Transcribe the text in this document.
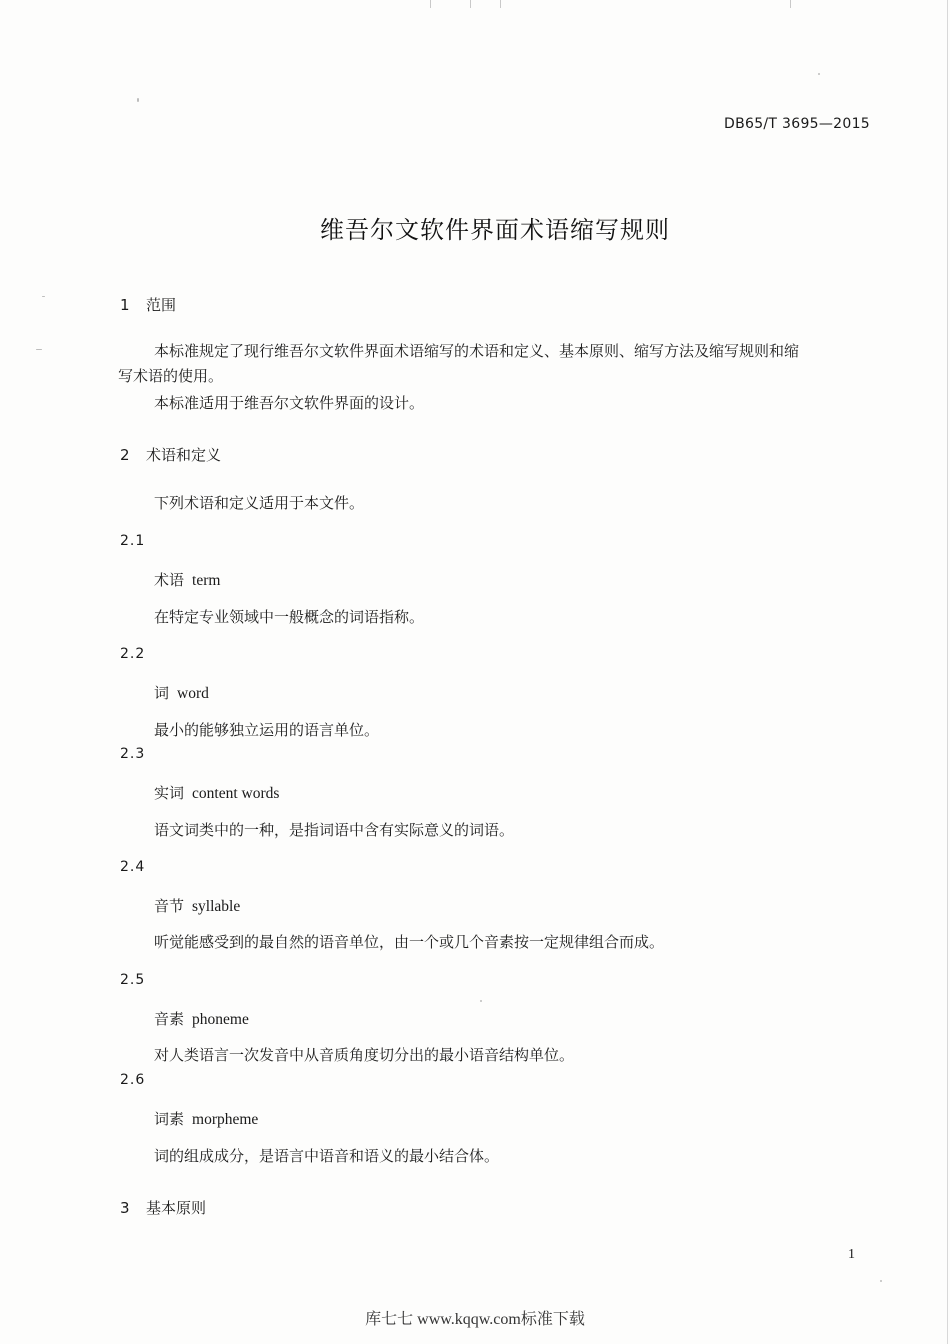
DB65/T 3695—2015
维吾尔文软件界面术语缩写规则
1 范围
本标准规定了现行维吾尔文软件界面术语缩写的术语和定义、基本原则、缩写方法及缩写规则和缩
写术语的使用。
本标准适用于维吾尔文软件界面的设计。
2 术语和定义
下列术语和定义适用于本文件。
2.1
术语 term
在特定专业领域中一般概念的词语指称。
2.2
词 word
最小的能够独立运用的语言单位。
2.3
实词 content words
语文词类中的一种，是指词语中含有实际意义的词语。
2.4
音节 syllable
听觉能感受到的最自然的语音单位，由一个或几个音素按一定规律组合而成。
2.5
音素 phoneme
对人类语言一次发音中从音质角度切分出的最小语音结构单位。
2.6
词素 morpheme
词的组成成分，是语言中语音和语义的最小结合体。
3 基本原则
1
库七七 www.kqqw.com标准下载
